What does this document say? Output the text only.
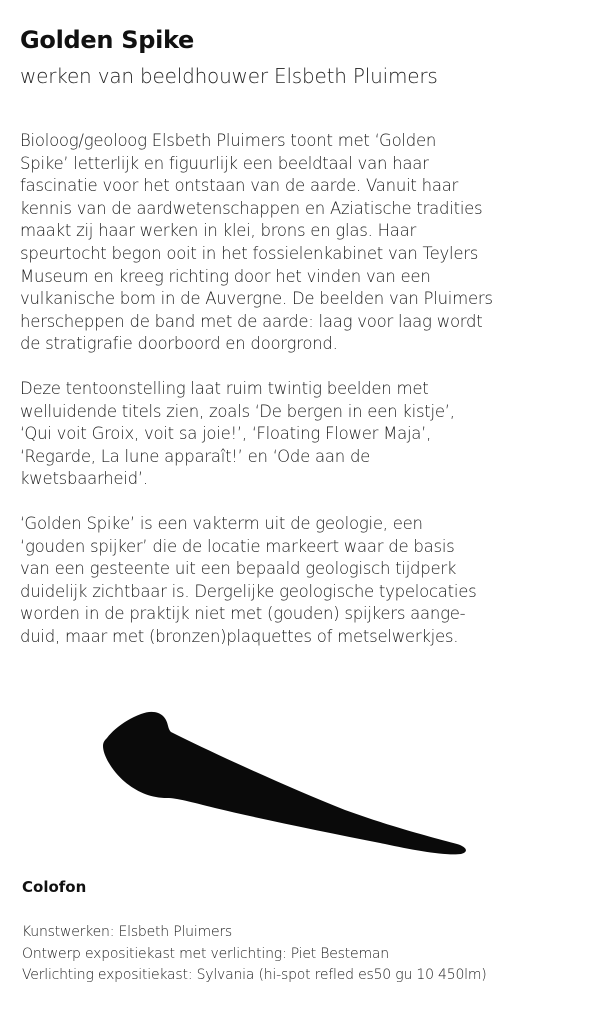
Golden Spike
werken van beeldhouwer Elsbeth Pluimers

Bioloog/geoloog Elsbeth Pluimers toont met ‘Golden
Spike’ letterlijk en figuurlijk een beeldtaal van haar
fascinatie voor het ontstaan van de aarde. Vanuit haar
kennis van de aardwetenschappen en Aziatische tradities
maakt zij haar werken in klei, brons en glas. Haar
speurtocht begon ooit in het fossielenkabinet van Teylers
Museum en kreeg richting door het vinden van een
vulkanische bom in de Auvergne. De beelden van Pluimers
herscheppen de band met de aarde: laag voor laag wordt
de stratigrafie doorboord en doorgrond.

Deze tentoonstelling laat ruim twintig beelden met
welluidende titels zien, zoals ‘De bergen in een kistje’,
‘Qui voit Groix, voit sa joie!’, ‘Floating Flower Maja’,
‘Regarde, La lune apparaît!’ en ‘Ode aan de
kwetsbaarheid’.

‘Golden Spike’ is een vakterm uit de geologie, een
‘gouden spijker’ die de locatie markeert waar de basis
van een gesteente uit een bepaald geologisch tijdperk
duidelijk zichtbaar is. Dergelijke geologische typelocaties
worden in de praktijk niet met (gouden) spijkers aange-
duid, maar met (bronzen)plaquettes of metselwerkjes.

Colofon
Kunstwerken: Elsbeth Pluimers
Ontwerp expositiekast met verlichting: Piet Besteman
Verlichting expositiekast: Sylvania (hi-spot refled es50 gu 10 450lm)
